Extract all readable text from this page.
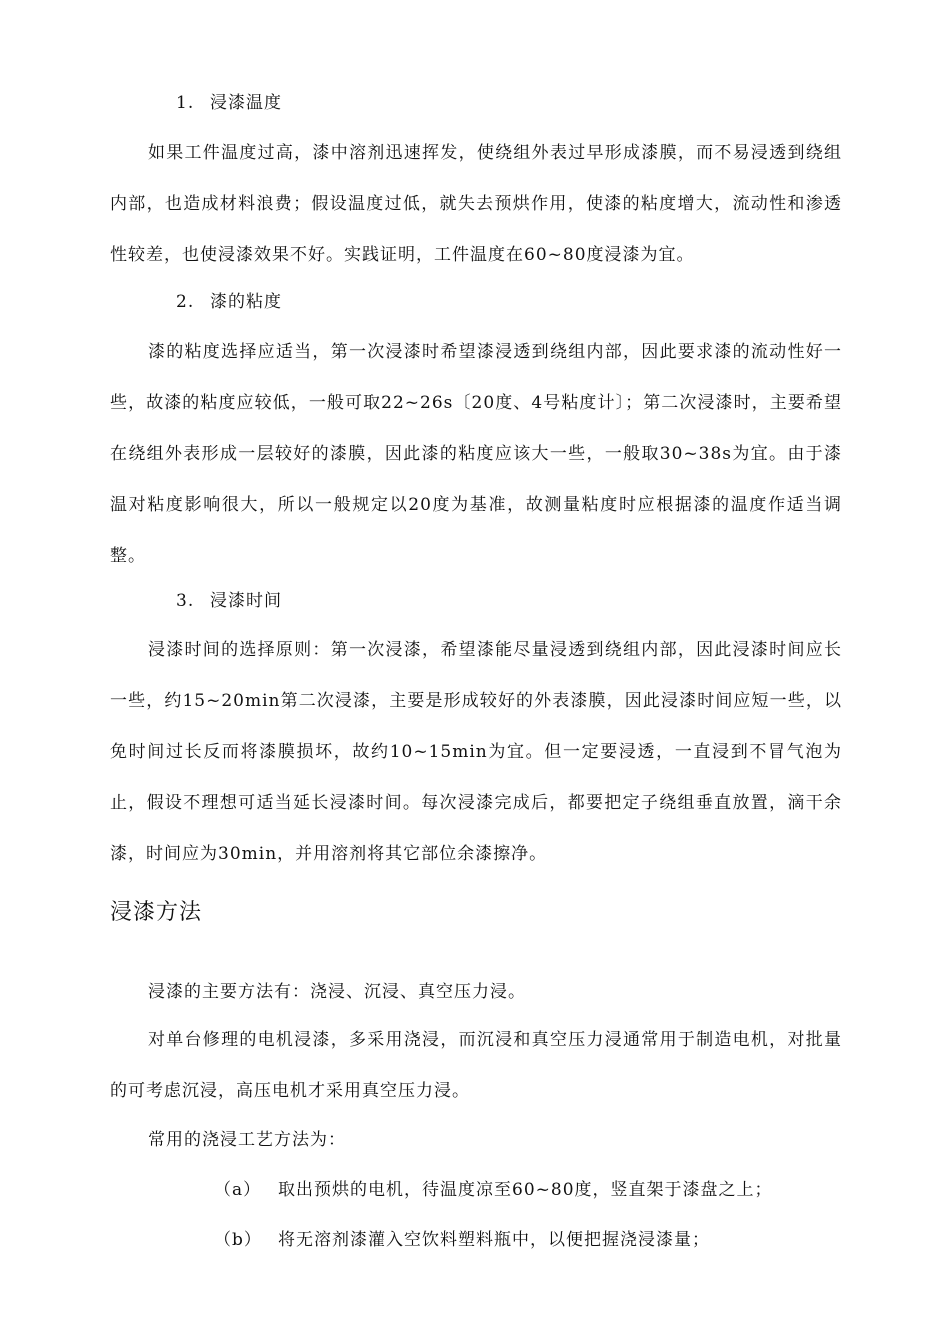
1. 浸漆温度

如果工件温度过高，漆中溶剂迅速挥发，使绕组外表过早形成漆膜，而不易浸透到绕组内部，也造成材料浪费；假设温度过低，就失去预烘作用，使漆的粘度增大，流动性和渗透性较差，也使浸漆效果不好。实践证明，工件温度在60~80度浸漆为宜。

2. 漆的粘度

漆的粘度选择应适当，第一次浸漆时希望漆浸透到绕组内部，因此要求漆的流动性好一些，故漆的粘度应较低，一般可取22~26s〔20度、4号粘度计〕；第二次浸漆时，主要希望在绕组外表形成一层较好的漆膜，因此漆的粘度应该大一些，一般取30~38s为宜。由于漆温对粘度影响很大，所以一般规定以20度为基准，故测量粘度时应根据漆的温度作适当调整。

3. 浸漆时间

浸漆时间的选择原则：第一次浸漆，希望漆能尽量浸透到绕组内部，因此浸漆时间应长一些，约15~20min第二次浸漆，主要是形成较好的外表漆膜，因此浸漆时间应短一些，以免时间过长反而将漆膜损坏，故约10~15min为宜。但一定要浸透，一直浸到不冒气泡为止，假设不理想可适当延长浸漆时间。每次浸漆完成后，都要把定子绕组垂直放置，滴干余漆，时间应为30min，并用溶剂将其它部位余漆擦净。

浸漆方法
浸漆的主要方法有：浇浸、沉浸、真空压力浸。

对单台修理的电机浸漆，多采用浇浸，而沉浸和真空压力浸通常用于制造电机，对批量的可考虑沉浸，高压电机才采用真空压力浸。

常用的浇浸工艺方法为：
（a） 取出预烘的电机，待温度凉至60~80度，竖直架于漆盘之上；
（b） 将无溶剂漆灌入空饮料塑料瓶中，以便把握浇浸漆量；
